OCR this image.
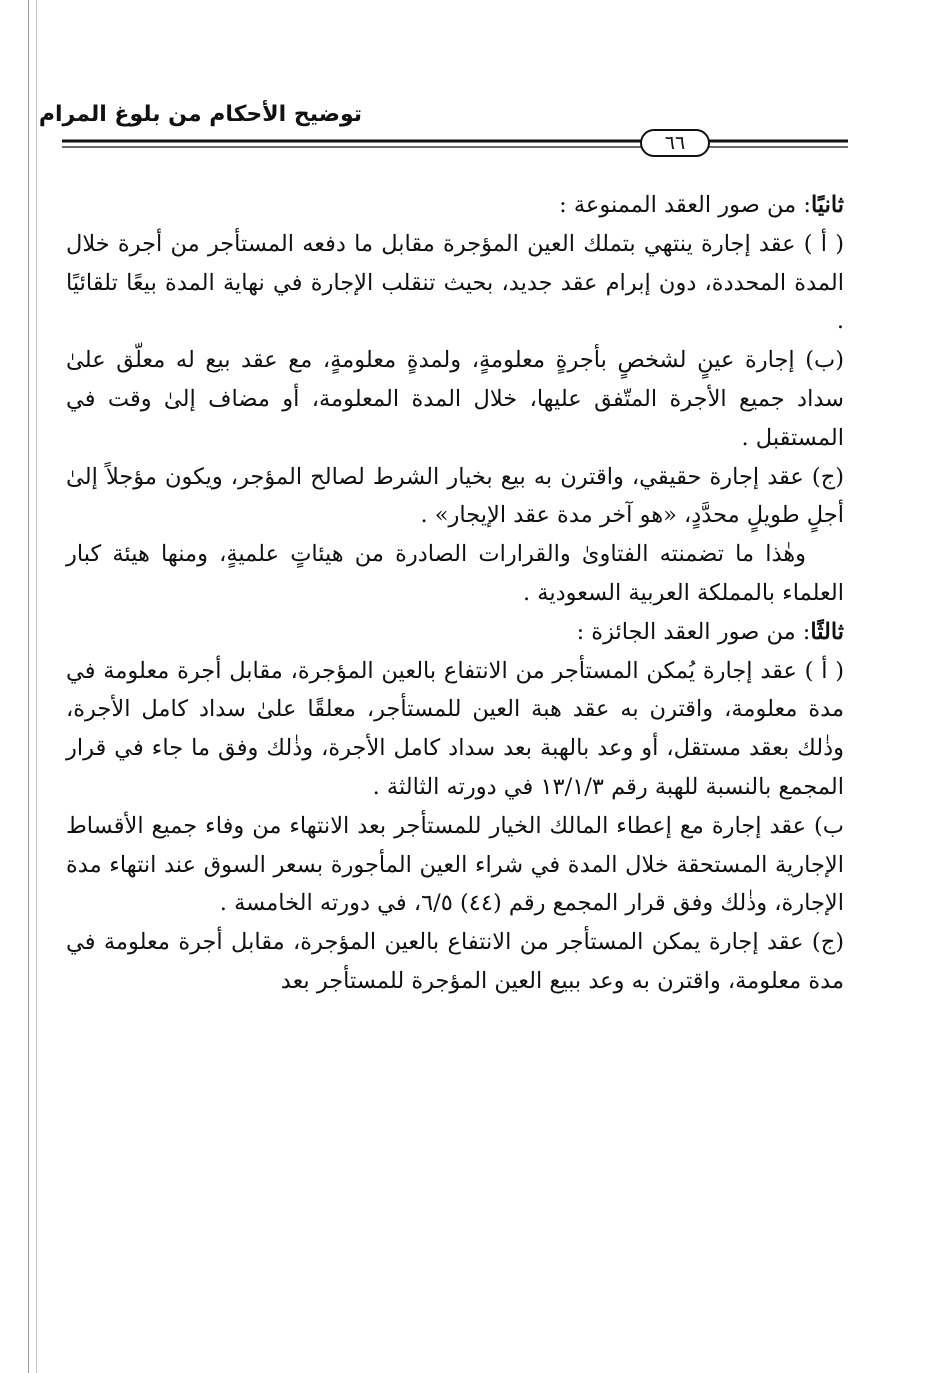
توضيح الأحكام من بلوغ المرام
٦٦

ثانيًا: من صور العقد الممنوعة :

( أ ) عقد إجارة ينتهي بتملك العين المؤجرة مقابل ما دفعه المستأجر من أجرة خلال المدة المحددة، دون إبرام عقد جديد، بحيث تنقلب الإجارة في نهاية المدة بيعًا تلقائيًا .

(ب) إجارة عينٍ لشخصٍ بأجرةٍ معلومةٍ، ولمدةٍ معلومةٍ، مع عقد بيع له معلّق علىٰ سداد جميع الأجرة المتّفق عليها، خلال المدة المعلومة، أو مضاف إلىٰ وقت في المستقبل .

(ج) عقد إجارة حقيقي، واقترن به بيع بخيار الشرط لصالح المؤجر، ويكون مؤجلاً إلىٰ أجلٍ طويلٍ محدَّدٍ، «هو آخر مدة عقد الإيجار» .

وهٰذا ما تضمنته الفتاوىٰ والقرارات الصادرة من هيئاتٍ علميةٍ، ومنها هيئة كبار العلماء بالمملكة العربية السعودية .

ثالثًا: من صور العقد الجائزة :

( أ ) عقد إجارة يُمكن المستأجر من الانتفاع بالعين المؤجرة، مقابل أجرة معلومة في مدة معلومة، واقترن به عقد هبة العين للمستأجر، معلقًا علىٰ سداد كامل الأجرة، وذٰلك بعقد مستقل، أو وعد بالهبة بعد سداد كامل الأجرة، وذٰلك وفق ما جاء في قرار المجمع بالنسبة للهبة رقم ١٣/١/٣ في دورته الثالثة .

ب) عقد إجارة مع إعطاء المالك الخيار للمستأجر بعد الانتهاء من وفاء جميع الأقساط الإجارية المستحقة خلال المدة في شراء العين المأجورة بسعر السوق عند انتهاء مدة الإجارة، وذٰلك وفق قرار المجمع رقم (٤٤) ٦/٥، في دورته الخامسة .

(ج) عقد إجارة يمكن المستأجر من الانتفاع بالعين المؤجرة، مقابل أجرة معلومة في مدة معلومة، واقترن به وعد ببيع العين المؤجرة للمستأجر بعد
